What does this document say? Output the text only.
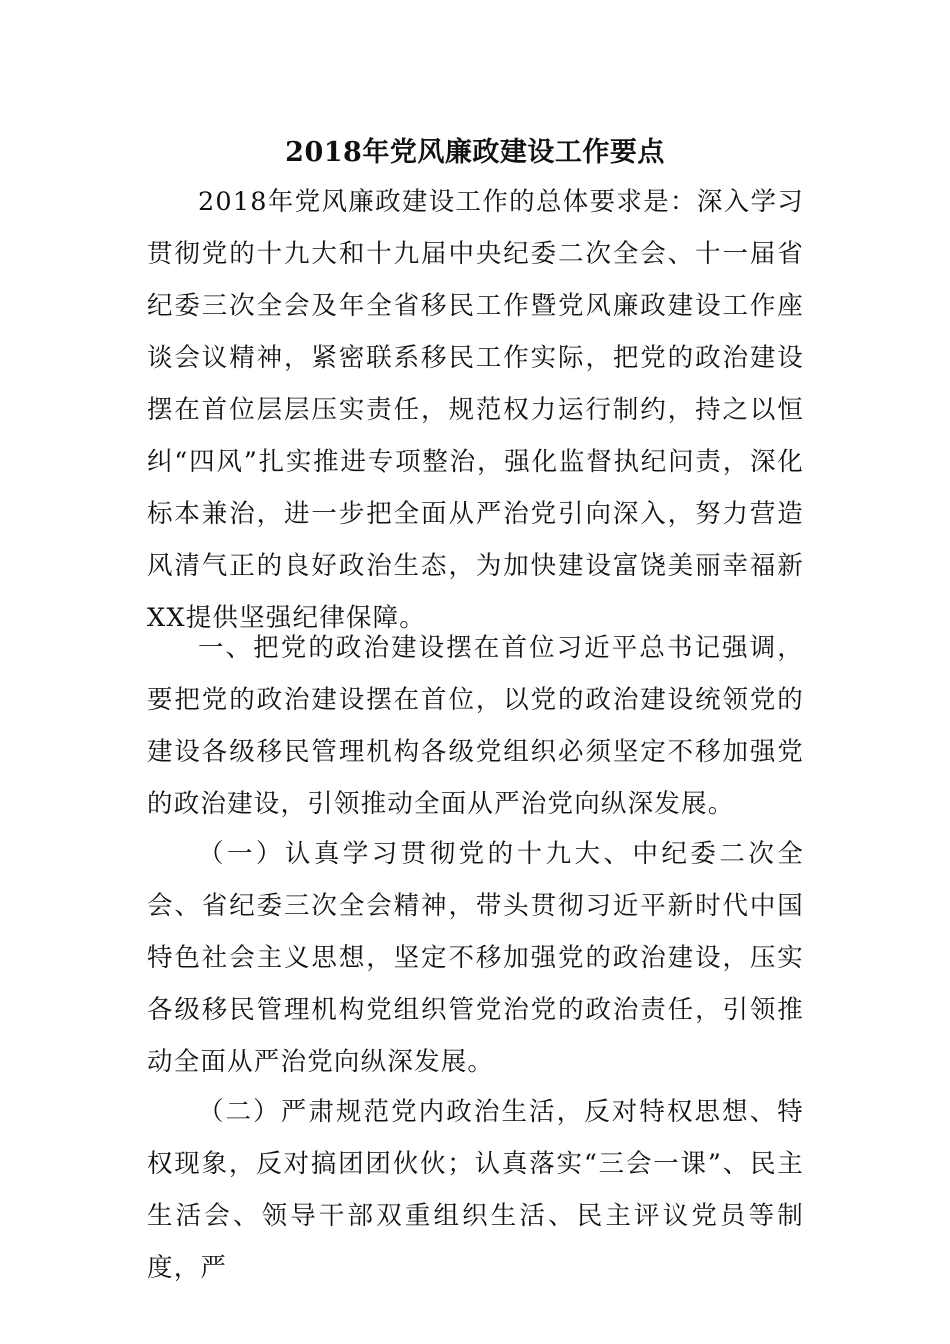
2018年党风廉政建设工作要点

2018年党风廉政建设工作的总体要求是：深入学习贯彻党的十九大和十九届中央纪委二次全会、十一届省纪委三次全会及年全省移民工作暨党风廉政建设工作座谈会议精神，紧密联系移民工作实际，把党的政治建设摆在首位层层压实责任，规范权力运行制约，持之以恒纠“四风”扎实推进专项整治，强化监督执纪问责，深化标本兼治，进一步把全面从严治党引向深入，努力营造风清气正的良好政治生态，为加快建设富饶美丽幸福新XX提供坚强纪律保障。

一、把党的政治建设摆在首位习近平总书记强调，要把党的政治建设摆在首位，以党的政治建设统领党的建设各级移民管理机构各级党组织必须坚定不移加强党的政治建设，引领推动全面从严治党向纵深发展。

（一）认真学习贯彻党的十九大、中纪委二次全会、省纪委三次全会精神，带头贯彻习近平新时代中国特色社会主义思想，坚定不移加强党的政治建设，压实各级移民管理机构党组织管党治党的政治责任，引领推动全面从严治党向纵深发展。

（二）严肃规范党内政治生活，反对特权思想、特权现象，反对搞团团伙伙；认真落实“三会一课”、民主生活会、领导干部双重组织生活、民主评议党员等制度，严
